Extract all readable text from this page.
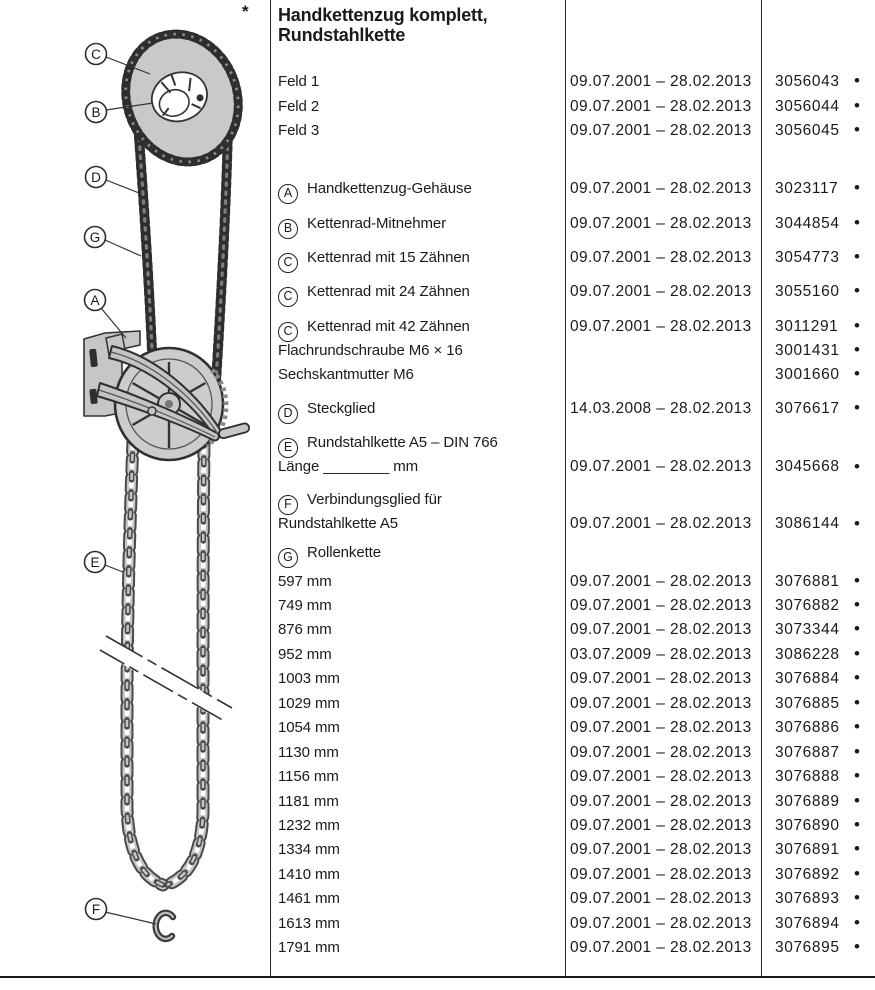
C
B
D
G
A
E
F
* Handkettenzug komplett,
Rundstahlkette
Feld 1	09.07.2001 – 28.02.2013 3056043 •
Feld 2	09.07.2001 – 28.02.2013 3056044 •
Feld 3	09.07.2001 – 28.02.2013 3056045 •
A Handkettenzug-Gehäuse	09.07.2001 – 28.02.2013 3023117 •
B Kettenrad-Mitnehmer	09.07.2001 – 28.02.2013 3044854 •
C Kettenrad mit 15 Zähnen	09.07.2001 – 28.02.2013 3054773 •
C Kettenrad mit 24 Zähnen	09.07.2001 – 28.02.2013 3055160 •
C Kettenrad mit 42 Zähnen	09.07.2001 – 28.02.2013 3011291 •
Flachrundschraube M6 × 16	3001431 •
Sechskantmutter M6	3001660 •
D Steckglied	14.03.2008 – 28.02.2013 3076617 •
E Rundstahlkette A5 – DIN 766
Länge ________ mm	09.07.2001 – 28.02.2013 3045668 •
F Verbindungsglied für
Rundstahlkette A5	09.07.2001 – 28.02.2013 3086144 •
G Rollenkette
597 mm	09.07.2001 – 28.02.2013 3076881 •
749 mm	09.07.2001 – 28.02.2013 3076882 •
876 mm	09.07.2001 – 28.02.2013 3073344 •
952 mm	03.07.2009 – 28.02.2013 3086228 •
1003 mm	09.07.2001 – 28.02.2013 3076884 •
1029 mm	09.07.2001 – 28.02.2013 3076885 •
1054 mm	09.07.2001 – 28.02.2013 3076886 •
1130 mm	09.07.2001 – 28.02.2013 3076887 •
1156 mm	09.07.2001 – 28.02.2013 3076888 •
1181 mm	09.07.2001 – 28.02.2013 3076889 •
1232 mm	09.07.2001 – 28.02.2013 3076890 •
1334 mm	09.07.2001 – 28.02.2013 3076891 •
1410 mm	09.07.2001 – 28.02.2013 3076892 •
1461 mm	09.07.2001 – 28.02.2013 3076893 •
1613 mm	09.07.2001 – 28.02.2013 3076894 •
1791 mm	09.07.2001 – 28.02.2013 3076895 •
